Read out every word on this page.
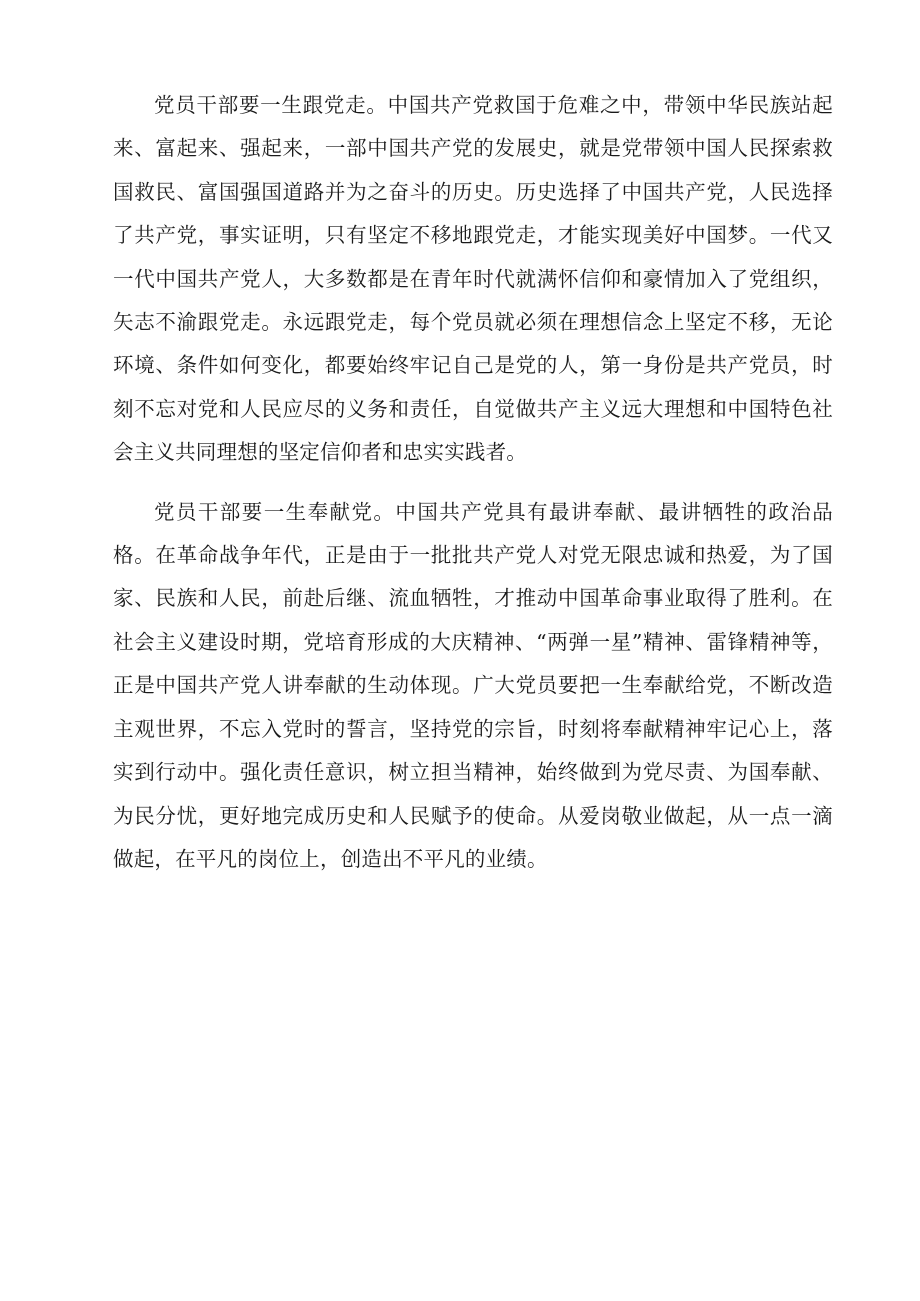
党员干部要一生跟党走。中国共产党救国于危难之中，带领中华民族站起来、富起来、强起来，一部中国共产党的发展史，就是党带领中国人民探索救国救民、富国强国道路并为之奋斗的历史。历史选择了中国共产党，人民选择了共产党，事实证明，只有坚定不移地跟党走，才能实现美好中国梦。一代又一代中国共产党人，大多数都是在青年时代就满怀信仰和豪情加入了党组织，矢志不渝跟党走。永远跟党走，每个党员就必须在理想信念上坚定不移，无论环境、条件如何变化，都要始终牢记自己是党的人，第一身份是共产党员，时刻不忘对党和人民应尽的义务和责任，自觉做共产主义远大理想和中国特色社会主义共同理想的坚定信仰者和忠实实践者。

党员干部要一生奉献党。中国共产党具有最讲奉献、最讲牺牲的政治品格。在革命战争年代，正是由于一批批共产党人对党无限忠诚和热爱，为了国家、民族和人民，前赴后继、流血牺牲，才推动中国革命事业取得了胜利。在社会主义建设时期，党培育形成的大庆精神、“两弹一星”精神、雷锋精神等，正是中国共产党人讲奉献的生动体现。广大党员要把一生奉献给党，不断改造主观世界，不忘入党时的誓言，坚持党的宗旨，时刻将奉献精神牢记心上，落实到行动中。强化责任意识，树立担当精神，始终做到为党尽责、为国奉献、为民分忧，更好地完成历史和人民赋予的使命。从爱岗敬业做起，从一点一滴做起，在平凡的岗位上，创造出不平凡的业绩。
